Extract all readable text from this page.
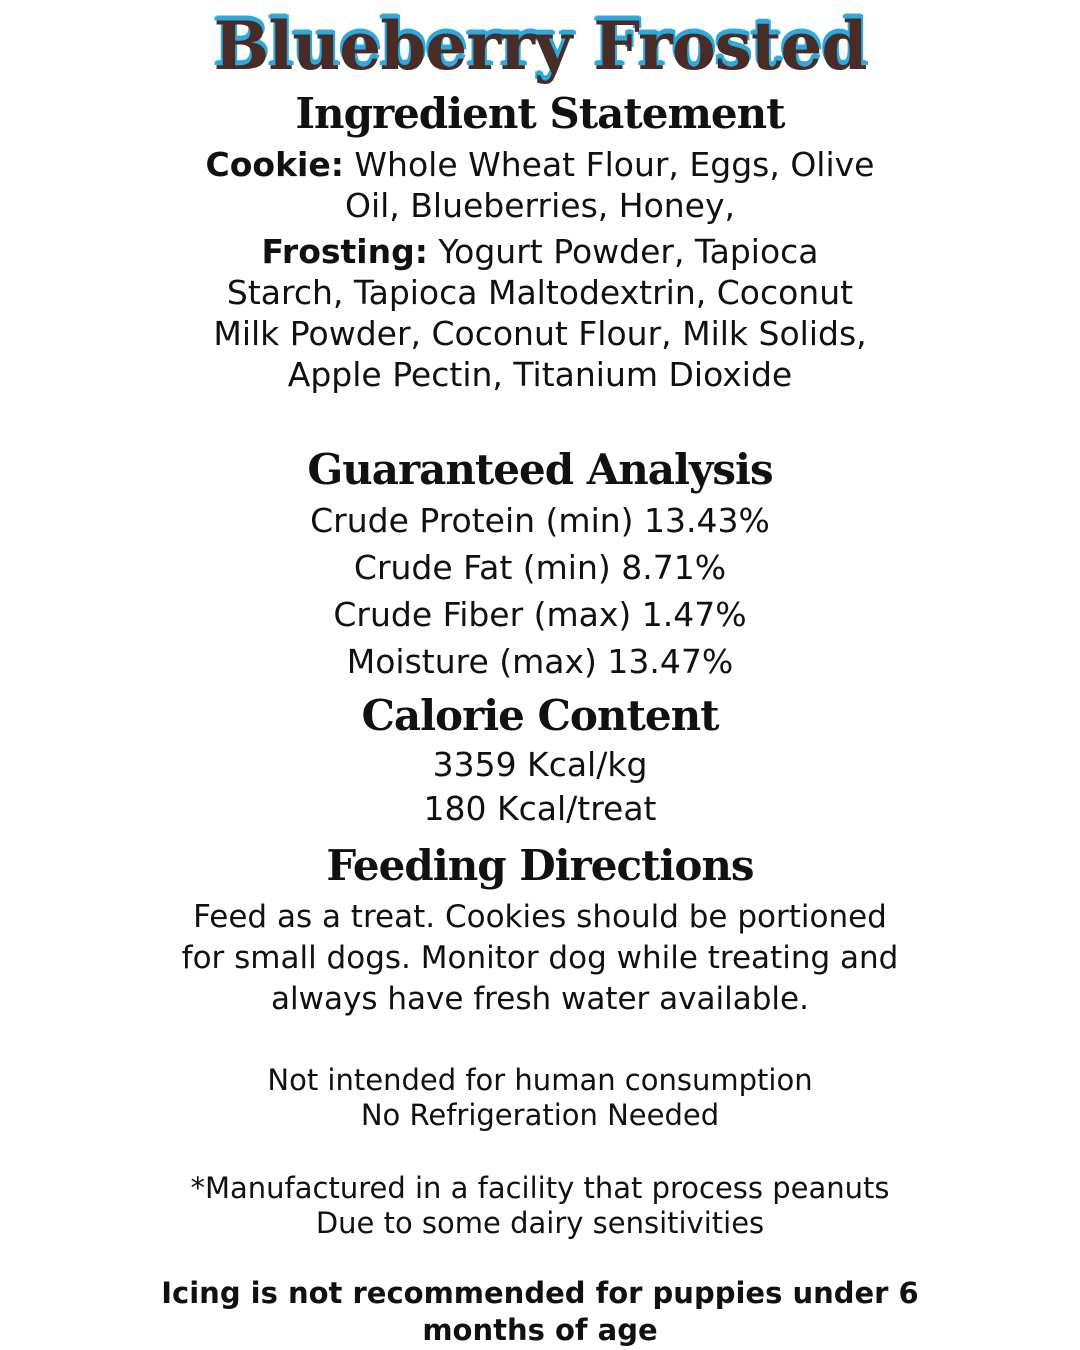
Blueberry Frosted
Ingredient Statement

Cookie: Whole Wheat Flour, Eggs, Olive Oil, Blueberries, Honey,

Frosting: Yogurt Powder, Tapioca Starch, Tapioca Maltodextrin, Coconut Milk Powder, Coconut Flour, Milk Solids, Apple Pectin, Titanium Dioxide

Guaranteed Analysis
Crude Protein (min) 13.43%
Crude Fat (min) 8.71%
Crude Fiber (max) 1.47%
Moisture (max) 13.47%
Calorie Content
3359 Kcal/kg
180 Kcal/treat
Feeding Directions

Feed as a treat. Cookies should be portioned for small dogs. Monitor dog while treating and always have fresh water available.

Not intended for human consumption
No Refrigeration Needed
*Manufactured in a facility that process peanuts
Due to some dairy sensitivities

Icing is not recommended for puppies under 6 months of age
